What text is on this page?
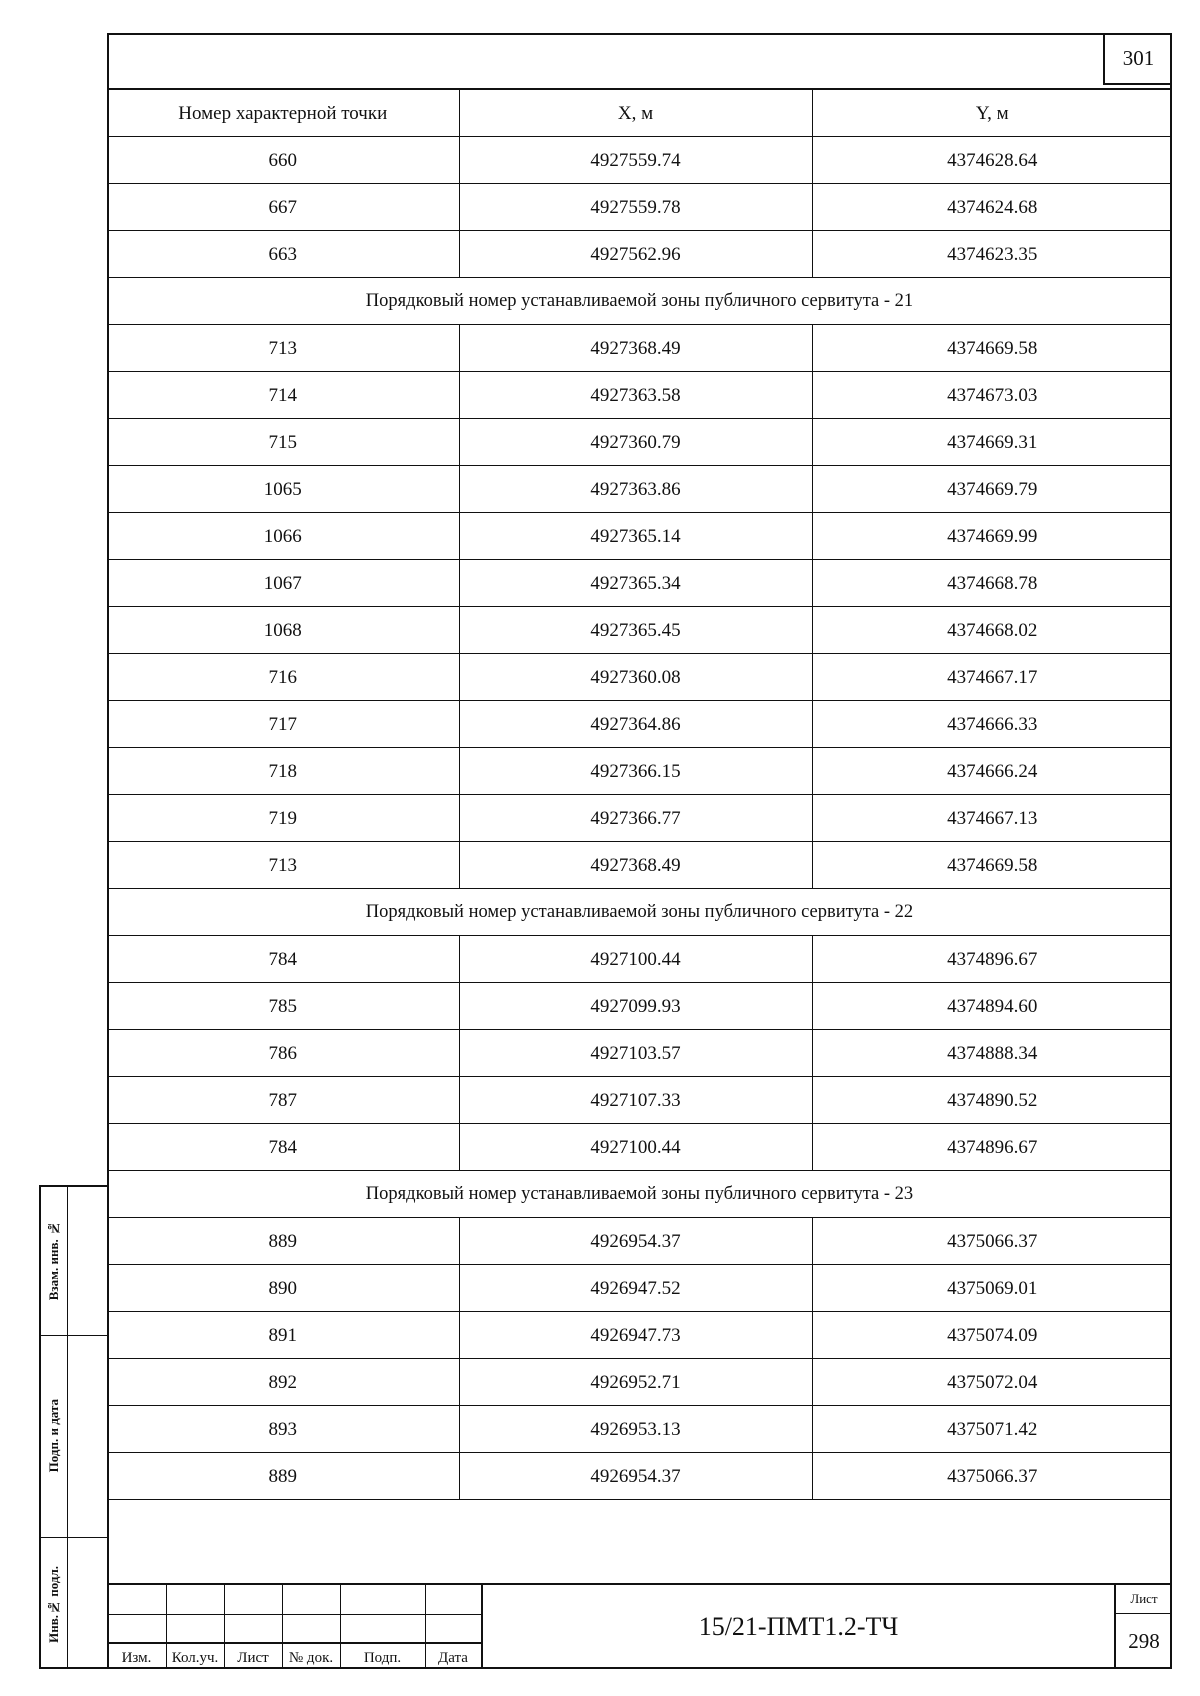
301
Номер характерной точки	X, м	Y, м
660	4927559.74	4374628.64
667	4927559.78	4374624.68
663	4927562.96	4374623.35
Порядковый номер устанавливаемой зоны публичного сервитута - 21		
713	4927368.49	4374669.58
714	4927363.58	4374673.03
715	4927360.79	4374669.31
1065	4927363.86	4374669.79
1066	4927365.14	4374669.99
1067	4927365.34	4374668.78
1068	4927365.45	4374668.02
716	4927360.08	4374667.17
717	4927364.86	4374666.33
718	4927366.15	4374666.24
719	4927366.77	4374667.13
713	4927368.49	4374669.58
Порядковый номер устанавливаемой зоны публичного сервитута - 22		
784	4927100.44	4374896.67
785	4927099.93	4374894.60
786	4927103.57	4374888.34
787	4927107.33	4374890.52
784	4927100.44	4374896.67
Порядковый номер устанавливаемой зоны публичного сервитута - 23		
889	4926954.37	4375066.37
890	4926947.52	4375069.01
891	4926947.73	4375074.09
892	4926952.71	4375072.04
893	4926953.13	4375071.42
889	4926954.37	4375066.37
Взам. инв. №
Подп. и дата
Инв.№ подл.
Изм.	Кол.уч.	Лист	№ док.	Подп.	Дата
15/21-ПМТ1.2-ТЧ
Лист
298
